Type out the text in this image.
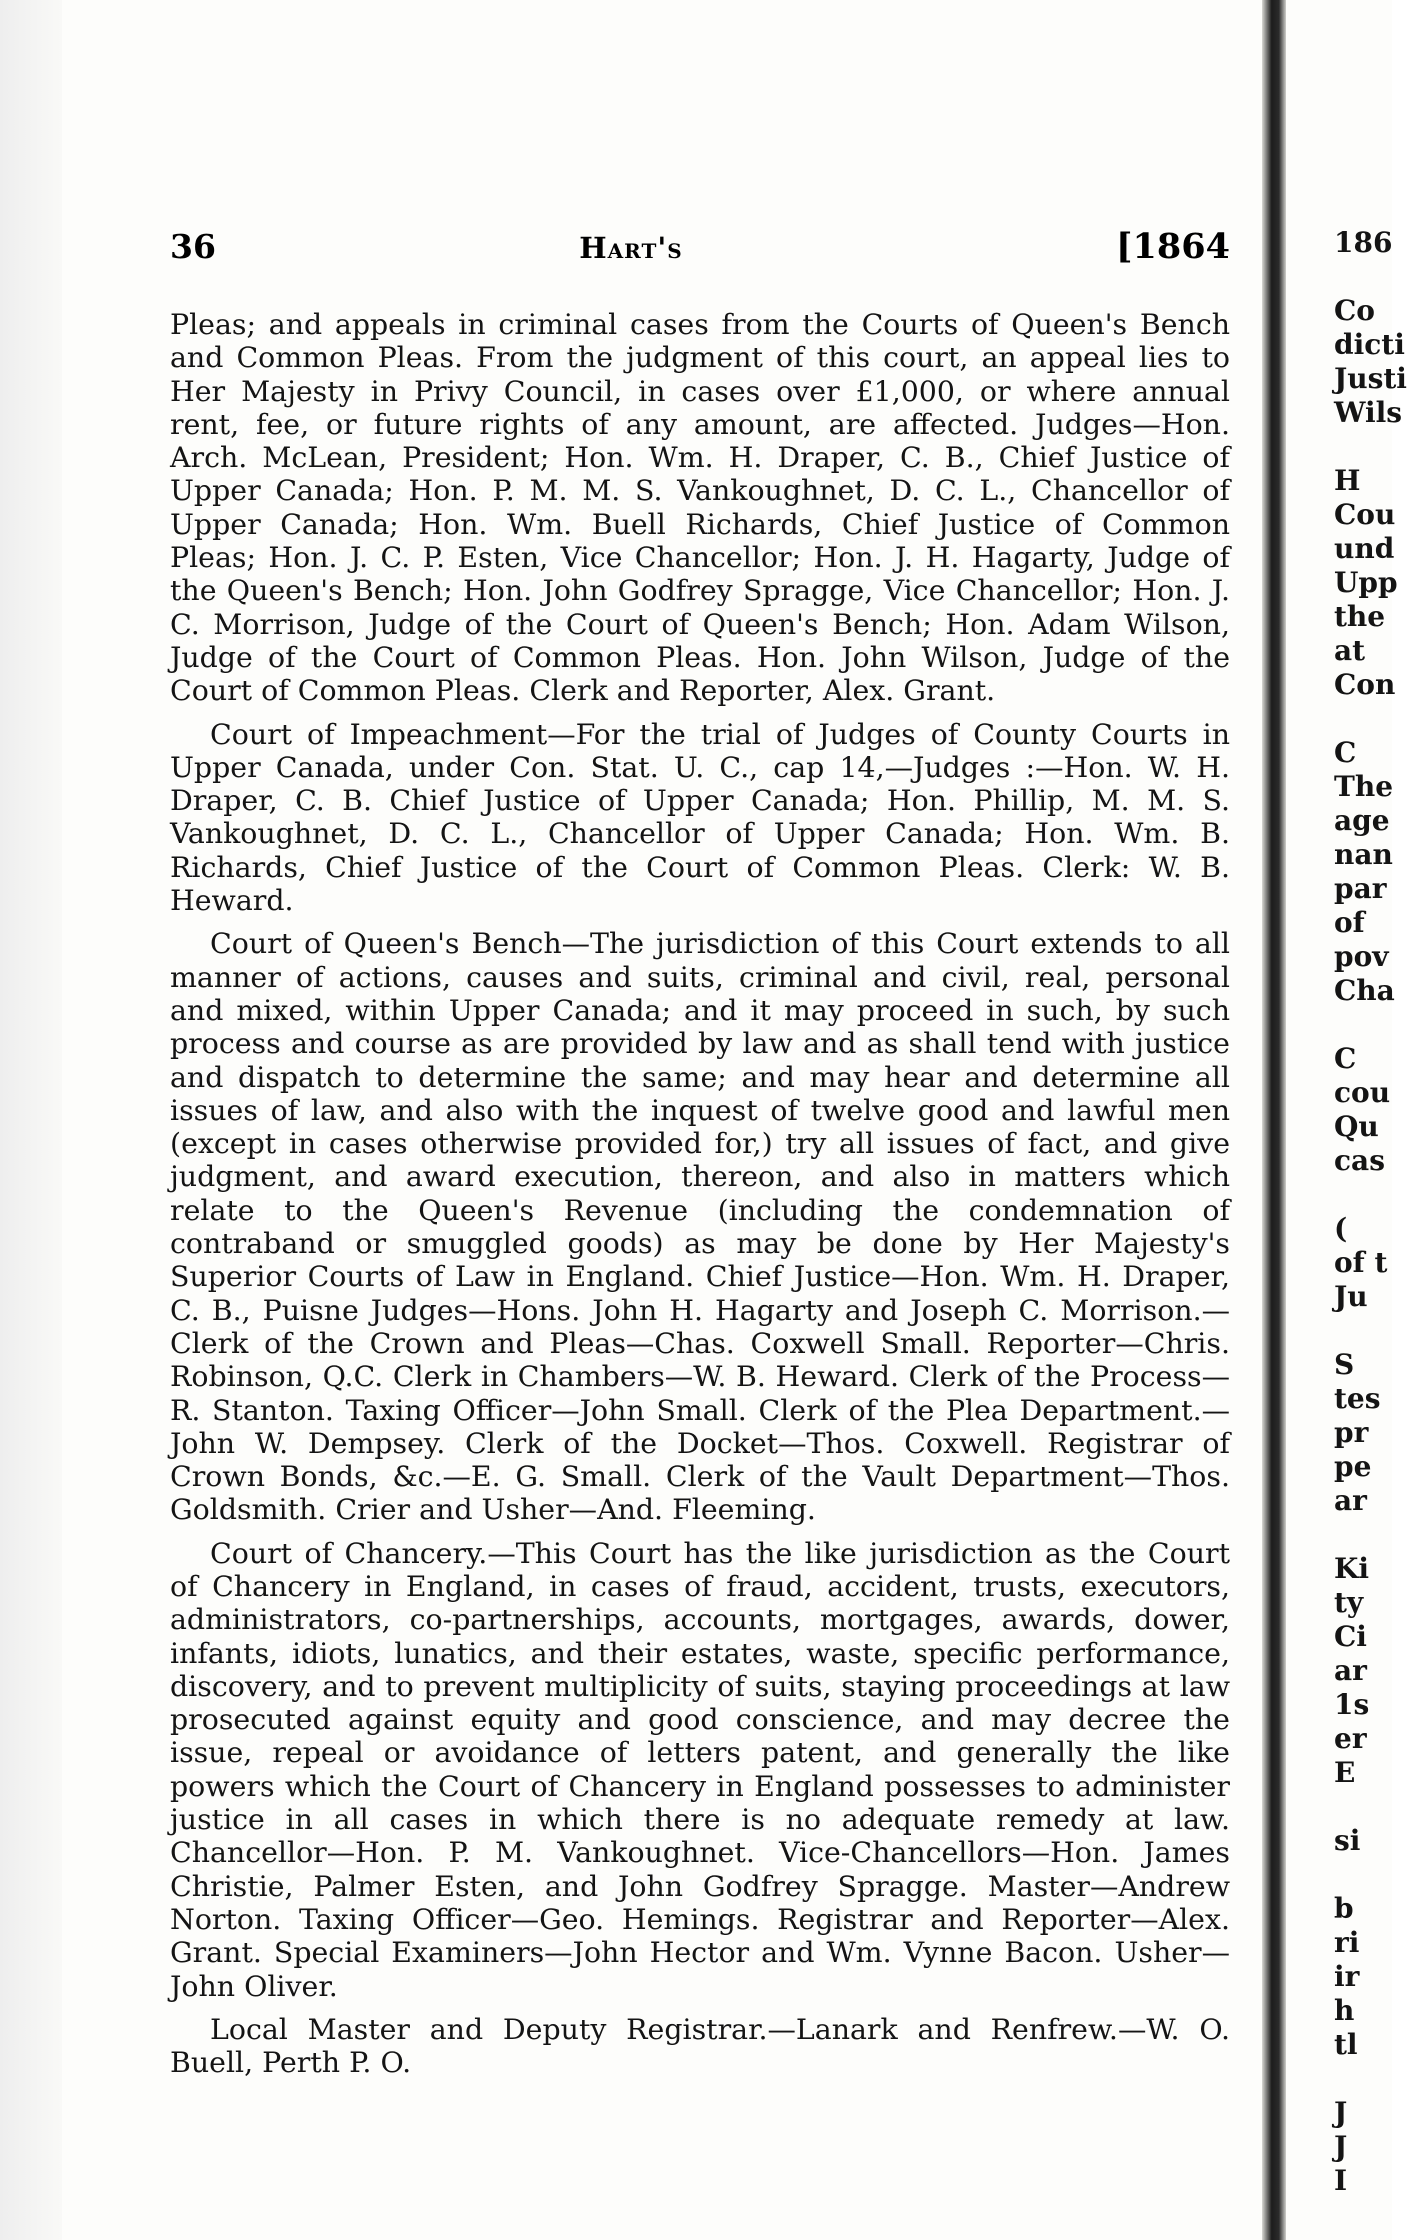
36	Hart's	[1864

Pleas; and appeals in criminal cases from the Courts of Queen's Bench and Common Pleas. From the judgment of this court, an appeal lies to Her Majesty in Privy Council, in cases over £1,000, or where annual rent, fee, or future rights of any amount, are affected. Judges—Hon. Arch. McLean, President; Hon. Wm. H. Draper, C. B., Chief Justice of Upper Canada; Hon. P. M. M. S. Vankoughnet, D. C. L., Chancellor of Upper Canada; Hon. Wm. Buell Richards, Chief Justice of Common Pleas; Hon. J. C. P. Esten, Vice Chancellor; Hon. J. H. Hagarty, Judge of the Queen's Bench; Hon. John Godfrey Spragge, Vice Chancellor; Hon. J. C. Morrison, Judge of the Court of Queen's Bench; Hon. Adam Wilson, Judge of the Court of Common Pleas. Hon. John Wilson, Judge of the Court of Common Pleas. Clerk and Reporter, Alex. Grant.

Court of Impeachment—For the trial of Judges of County Courts in Upper Canada, under Con. Stat. U. C., cap 14,—Judges :—Hon. W. H. Draper, C. B. Chief Justice of Upper Canada; Hon. Phillip, M. M. S. Vankoughnet, D. C. L., Chancellor of Upper Canada; Hon. Wm. B. Richards, Chief Justice of the Court of Common Pleas. Clerk: W. B. Heward.

Court of Queen's Bench—The jurisdiction of this Court extends to all manner of actions, causes and suits, criminal and civil, real, personal and mixed, within Upper Canada; and it may proceed in such, by such process and course as are provided by law and as shall tend with justice and dispatch to determine the same; and may hear and determine all issues of law, and also with the inquest of twelve good and lawful men (except in cases otherwise provided for,) try all issues of fact, and give judgment, and award execution, thereon, and also in matters which relate to the Queen's Revenue (including the condemnation of contraband or smuggled goods) as may be done by Her Majesty's Superior Courts of Law in England. Chief Justice—Hon. Wm. H. Draper, C. B., Puisne Judges—Hons. John H. Hagarty and Joseph C. Morrison.—Clerk of the Crown and Pleas—Chas. Coxwell Small. Reporter—Chris. Robinson, Q.C. Clerk in Chambers—W. B. Heward. Clerk of the Process—R. Stanton. Taxing Officer—John Small. Clerk of the Plea Department.—John W. Dempsey. Clerk of the Docket—Thos. Coxwell. Registrar of Crown Bonds, &c.—E. G. Small. Clerk of the Vault Department—Thos. Goldsmith. Crier and Usher—And. Fleeming.

Court of Chancery.—This Court has the like jurisdiction as the Court of Chancery in England, in cases of fraud, accident, trusts, executors, administrators, co-partnerships, accounts, mortgages, awards, dower, infants, idiots, lunatics, and their estates, waste, specific performance, discovery, and to prevent multiplicity of suits, staying proceedings at law prosecuted against equity and good conscience, and may decree the issue, repeal or avoidance of letters patent, and generally the like powers which the Court of Chancery in England possesses to administer justice in all cases in which there is no adequate remedy at law. Chancellor—Hon. P. M. Vankoughnet. Vice-Chancellors—Hon. James Christie, Palmer Esten, and John Godfrey Spragge. Master—Andrew Norton. Taxing Officer—Geo. Hemings. Registrar and Reporter—Alex. Grant. Special Examiners—John Hector and Wm. Vynne Bacon. Usher—John Oliver.

Local Master and Deputy Registrar.—Lanark and Renfrew.—W. O. Buell, Perth P. O.

186

Co
dicti
Justi
Wils

H
Cou
und
Upp
the
at
Con

C
The
age
nan
par
of
pov
Cha

C
cou
Qu
cas

(
of t
Ju

S
tes
pr
pe
ar

Ki
ty
Ci
ar
1s
er
E

si

b
ri
ir
h
tl

J
J
I
